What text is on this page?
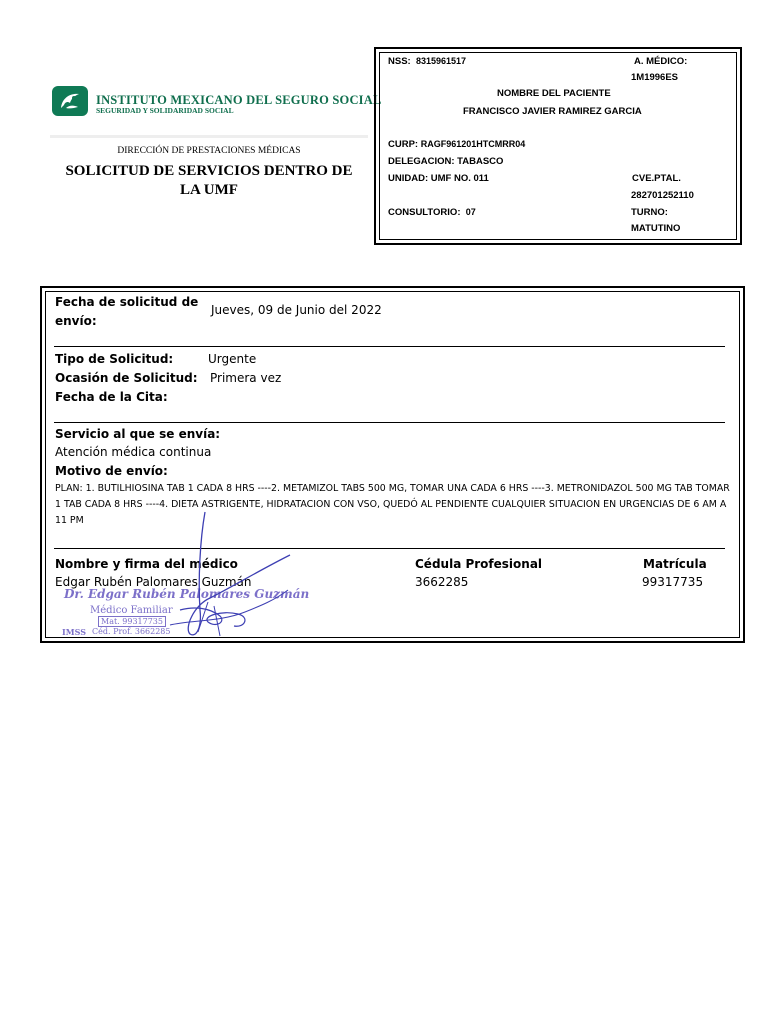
INSTITUTO MEXICANO DEL SEGURO SOCIAL
SEGURIDAD Y SOLIDARIDAD SOCIAL
DIRECCIÓN DE PRESTACIONES MÉDICAS
SOLICITUD DE SERVICIOS DENTRO DE
LA UMF
NSS: 8315961517	A. MÉDICO:
1M1996ES
NOMBRE DEL PACIENTE
FRANCISCO JAVIER RAMIREZ GARCIA
CURP: RAGF961201HTCMRR04
DELEGACION: TABASCO
UNIDAD: UMF NO. 011	CVE.PTAL.
282701252110
CONSULTORIO: 07	TURNO:
MATUTINO
Fecha de solicitud de
envío:
Jueves, 09 de Junio del 2022
Tipo de Solicitud:	Urgente
Ocasión de Solicitud: Primera vez
Fecha de la Cita:
Servicio al que se envía:
Atención médica continua
Motivo de envío:
PLAN: 1. BUTILHIOSINA TAB 1 CADA 8 HRS ----2. METAMIZOL TABS 500 MG, TOMAR UNA CADA 6 HRS ----3. METRONIDAZOL 500 MG TAB TOMAR 1 TAB CADA 8 HRS ----4. DIETA ASTRIGENTE, HIDRATACION CON VSO, QUEDÓ AL PENDIENTE CUALQUIER SITUACION EN URGENCIAS DE 6 AM A 11 PM
Nombre y firma del médico
Edgar Rubén Palomares Guzmán
Cédula Profesional
3662285
Matrícula
99317735
Dr. Edgar Rubén Palomares Guzmán
Médico Familiar
Mat. 99317735
IMSS Céd. Prof. 3662285
